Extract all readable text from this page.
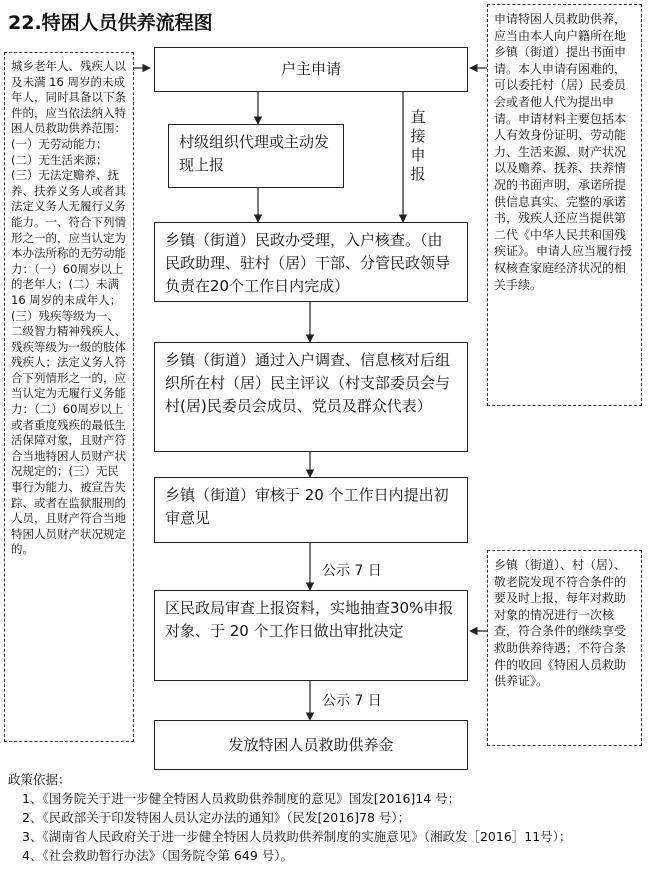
22.特困人员供养流程图
户主申请
村级组织代理或主动发现上报
直接申报
乡镇（街道）民政办受理，入户核查。（由民政助理、驻村（居）干部、分管民政领导负责在20个工作日内完成）
乡镇（街道）通过入户调查、信息核对后组织所在村（居）民主评议（村支部委员会与村(居)民委员会成员、党员及群众代表）
乡镇（街道）审核于 20 个工作日内提出初审意见
公示 7 日
区民政局审查上报资料，实地抽查30%申报对象、于 20 个工作日做出审批决定
公示 7 日
发放特困人员救助供养金
城乡老年人、残疾人以及未满 16 周岁的未成年人，同时具备以下条件的，应当依法纳入特困人员救助供养范围：(一）无劳动能力；(二）无生活来源；(三）无法定赡养、抚养、扶养义务人或者其法定义务人无履行义务能力。一、符合下列情形之一的，应当认定为本办法所称的无劳动能力：（一）60周岁以上的老年人；(二）未满 16 周岁的未成年人；(三）残疾等级为一、二级智力精神残疾人、残疾等级为一级的肢体残疾人；法定义务人符合下列情形之一的，应当认定为无履行义务能力：（二）60周岁以上或者重度残疾的最低生活保障对象，且财产符合当地特困人员财产状况规定的；(三）无民事行为能力、被宣告失踪、或者在监狱服刑的人员，且财产符合当地特困人员财产状况规定的。
申请特困人员救助供养，应当由本人向户籍所在地乡镇（街道）提出书面申请。本人申请有困难的，可以委托村（居）民委员会或者他人代为提出申请。申请材料主要包括本人有效身份证明、劳动能力、生活来源、财产状况以及赡养、抚养、扶养情况的书面声明，承诺所提供信息真实、完整的承诺书，残疾人还应当提供第二代《中华人民共和国残疾证》。申请人应当履行授权核查家庭经济状况的相关手续。
乡镇（街道）、村（居）、敬老院发现不符合条件的要及时上报，每年对救助对象的情况进行一次核查，符合条件的继续享受救助供养待遇；不符合条件的收回《特困人员救助供养证》。
政策依据：
1、《国务院关于进一步健全特困人员救助供养制度的意见》国发[2016]14 号；
2、《民政部关于印发特困人员认定办法的通知》（民发[2016]78 号）；
3、《湖南省人民政府关于进一步健全特困人员救助供养制度的实施意见》（湘政发［2016］11号）；
4、《社会救助暂行办法》（国务院令第 649 号）。
